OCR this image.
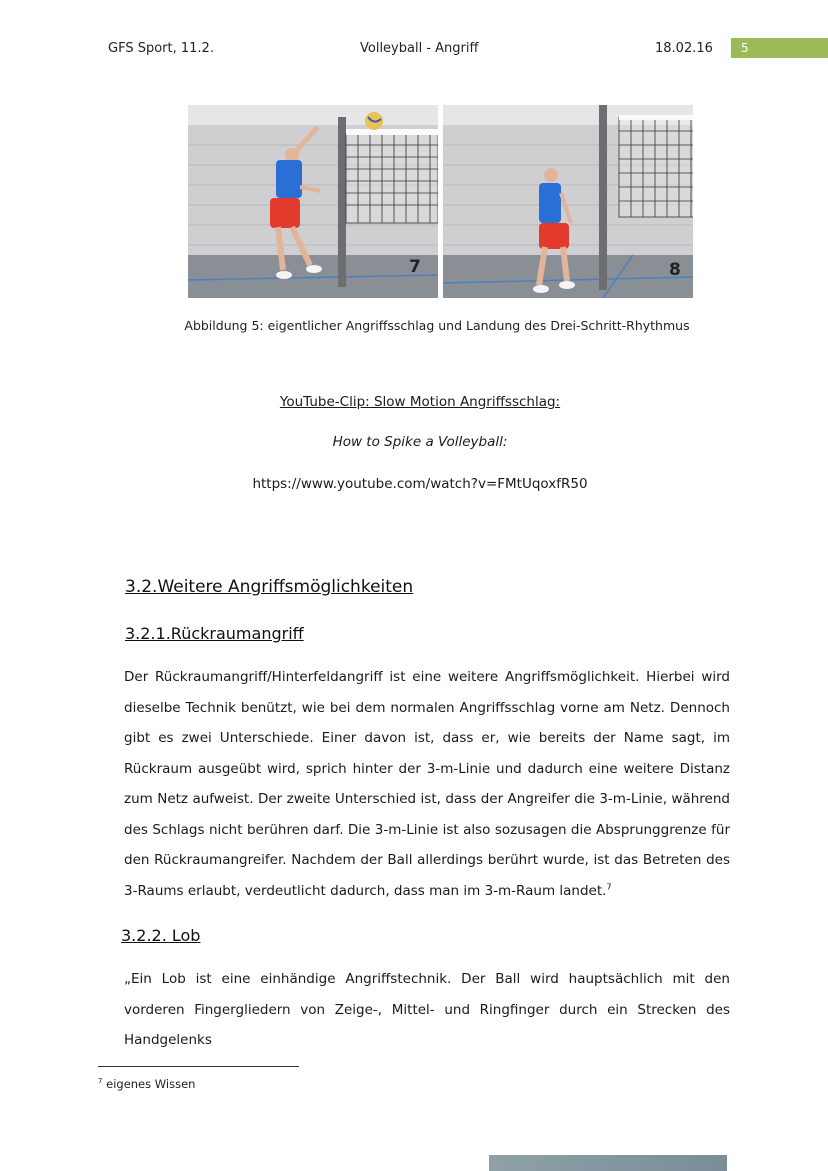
GFS Sport, 11.2.	Volleyball - Angriff	18.02.16	5
7	8
Abbildung 5: eigentlicher Angriffsschlag und Landung des Drei-Schritt-Rhythmus
YouTube-Clip: Slow Motion Angriffsschlag:
How to Spike a Volleyball:
https://www.youtube.com/watch?v=FMtUqoxfR50
3.2.Weitere Angriffsmöglichkeiten
3.2.1.Rückraumangriff
Der Rückraumangriff/Hinterfeldangriff ist eine weitere Angriffsmöglichkeit. Hierbei wird dieselbe Technik benützt, wie bei dem normalen Angriffsschlag vorne am Netz. Dennoch gibt es zwei Unterschiede. Einer davon ist, dass er, wie bereits der Name sagt, im Rückraum ausgeübt wird, sprich hinter der 3-m-Linie und dadurch eine weitere Distanz zum Netz aufweist. Der zweite Unterschied ist, dass der Angreifer die 3-m-Linie, während des Schlags nicht berühren darf. Die 3-m-Linie ist also sozusagen die Absprunggrenze für den Rückraumangreifer. Nachdem der Ball allerdings berührt wurde, ist das Betreten des 3-Raums erlaubt, verdeutlicht dadurch, dass man im 3-m-Raum landet.$^7$
3.2.2. Lob
„Ein Lob ist eine einhändige Angriffstechnik. Der Ball wird hauptsächlich mit den vorderen Fingergliedern von Zeige-, Mittel- und Ringfinger durch ein Strecken des Handgelenks
$^7$ eigenes Wissen
